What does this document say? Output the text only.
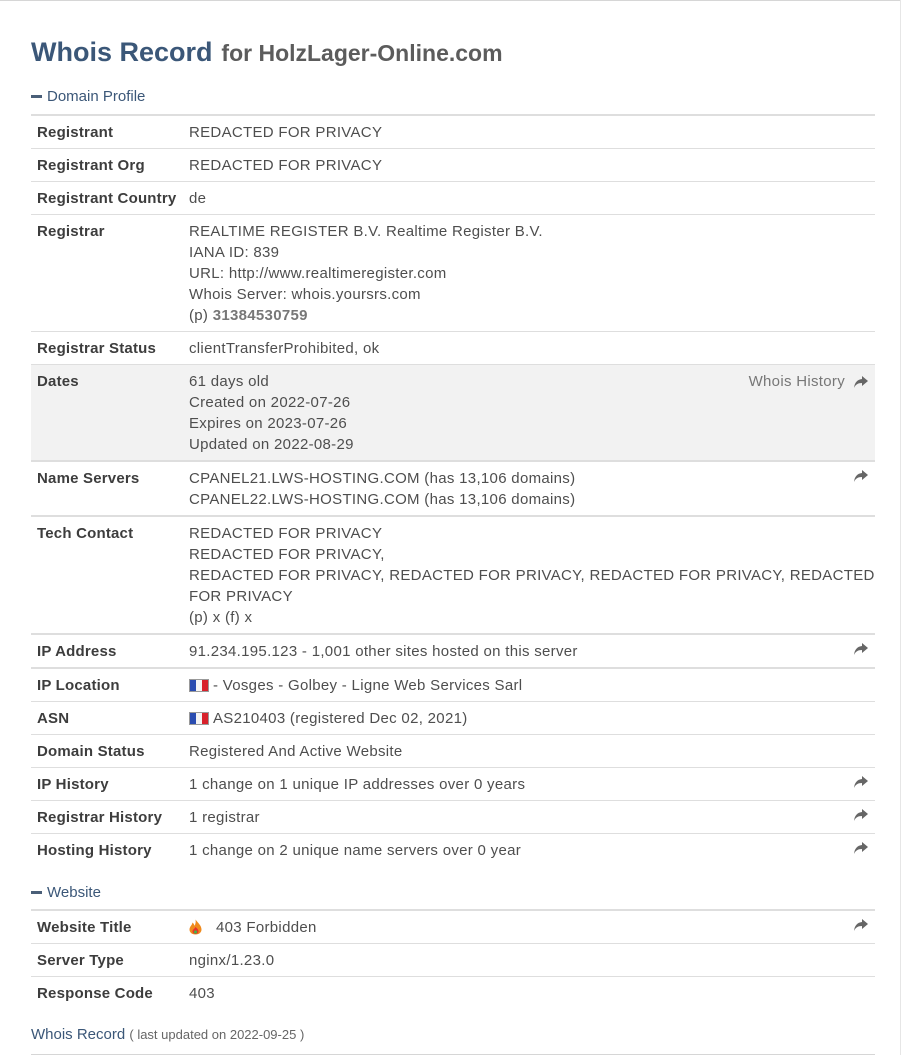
Whois Record for HolzLager-Online.com
Domain Profile
Registrant	REDACTED FOR PRIVACY
Registrant Org	REDACTED FOR PRIVACY
Registrant Country	de
Registrar	REALTIME REGISTER B.V. Realtime Register B.V.
IANA ID: 839
URL: http://www.realtimeregister.com
Whois Server: whois.yoursrs.com
(p) 31384530759

Registrar Status	clientTransferProhibited, ok
Dates	61 days old
Created on 2022-07-26
Expires on 2023-07-26
Updated on 2022-08-29
Whois History

Name Servers	CPANEL21.LWS-HOSTING.COM (has 13,106 domains)
CPANEL22.LWS-HOSTING.COM (has 13,106 domains)

Tech Contact	REDACTED FOR PRIVACY
REDACTED FOR PRIVACY,
REDACTED FOR PRIVACY, REDACTED FOR PRIVACY, REDACTED FOR PRIVACY, REDACTED FOR PRIVACY
(p) x (f) x

IP Address	91.234.195.123 - 1,001 other sites hosted on this server

IP Location	- Vosges - Golbey - Ligne Web Services Sarl
ASN	AS210403 (registered Dec 02, 2021)
Domain Status	Registered And Active Website
IP History	1 change on 1 unique IP addresses over 0 years

Registrar History	1 registrar

Hosting History	1 change on 2 unique name servers over 0 year
Website
Website Title	403 Forbidden

Server Type	nginx/1.23.0
Response Code	403
Whois Record ( last updated on 2022-09-25 )
